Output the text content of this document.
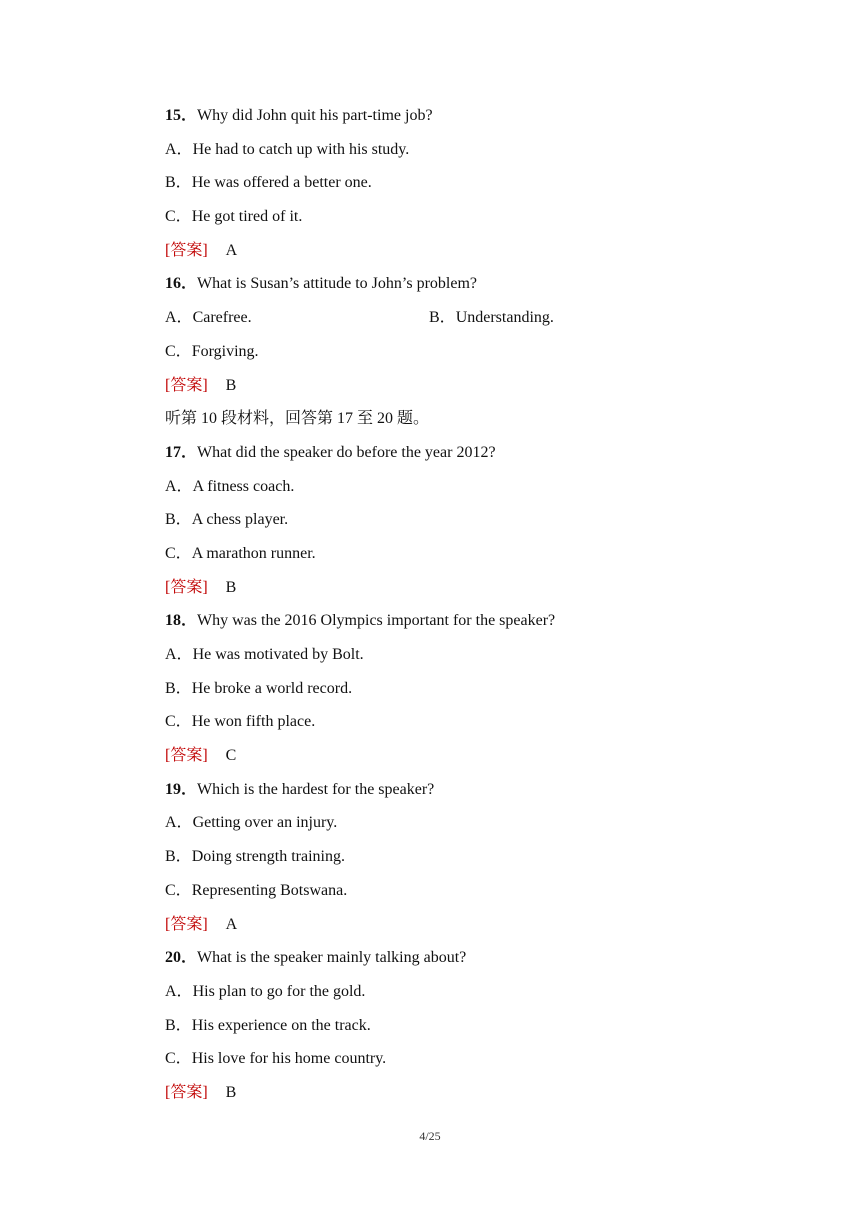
15．Why did John quit his part-time job?
A．He had to catch up with his study.
B．He was offered a better one.
C．He got tired of it.
[答案] A
16．What is Susan’s attitude to John’s problem?
A．Carefree.	B．Understanding.
C．Forgiving.
[答案] B
听第 10 段材料，回答第 17 至 20 题。
17．What did the speaker do before the year 2012?
A．A fitness coach.
B．A chess player.
C．A marathon runner.
[答案] B
18．Why was the 2016 Olympics important for the speaker?
A．He was motivated by Bolt.
B．He broke a world record.
C．He won fifth place.
[答案] C
19．Which is the hardest for the speaker?
A．Getting over an injury.
B．Doing strength training.
C．Representing Botswana.
[答案] A
20．What is the speaker mainly talking about?
A．His plan to go for the gold.
B．His experience on the track.
C．His love for his home country.
[答案] B
4/25
